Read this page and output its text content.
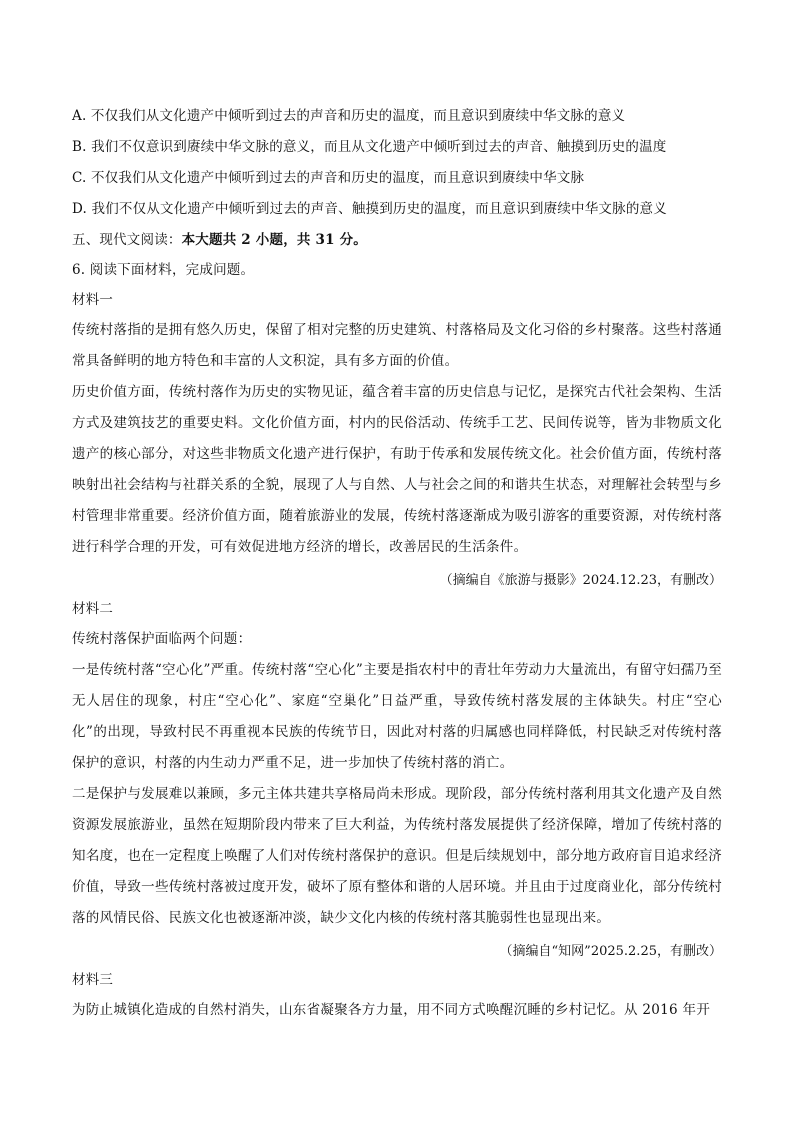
A. 不仅我们从文化遗产中倾听到过去的声音和历史的温度，而且意识到赓续中华文脉的意义
B. 我们不仅意识到赓续中华文脉的意义，而且从文化遗产中倾听到过去的声音、触摸到历史的温度
C. 不仅我们从文化遗产中倾听到过去的声音和历史的温度，而且意识到赓续中华文脉
D. 我们不仅从文化遗产中倾听到过去的声音、触摸到历史的温度，而且意识到赓续中华文脉的意义
五、现代文阅读： 本大题共 2 小题，共 31 分。
6. 阅读下面材料，完成问题。
材料一

传统村落指的是拥有悠久历史，保留了相对完整的历史建筑、村落格局及文化习俗的乡村聚落。这些村落通常具备鲜明的地方特色和丰富的人文积淀，具有多方面的价值。

历史价值方面，传统村落作为历史的实物见证，蕴含着丰富的历史信息与记忆，是探究古代社会架构、生活方式及建筑技艺的重要史料。文化价值方面，村内的民俗活动、传统手工艺、民间传说等，皆为非物质文化遗产的核心部分，对这些非物质文化遗产进行保护，有助于传承和发展传统文化。社会价值方面，传统村落映射出社会结构与社群关系的全貌，展现了人与自然、人与社会之间的和谐共生状态，对理解社会转型与乡村管理非常重要。经济价值方面，随着旅游业的发展，传统村落逐渐成为吸引游客的重要资源，对传统村落进行科学合理的开发，可有效促进地方经济的增长，改善居民的生活条件。

（摘编自《旅游与摄影》2024.12.23，有删改）
材料二

传统村落保护面临两个问题：

一是传统村落“空心化”严重。传统村落“空心化”主要是指农村中的青壮年劳动力大量流出，有留守妇孺乃至无人居住的现象，村庄“空心化”、家庭“空巢化”日益严重，导致传统村落发展的主体缺失。村庄“空心化”的出现，导致村民不再重视本民族的传统节日，因此对村落的归属感也同样降低，村民缺乏对传统村落保护的意识，村落的内生动力严重不足，进一步加快了传统村落的消亡。

二是保护与发展难以兼顾，多元主体共建共享格局尚未形成。现阶段，部分传统村落利用其文化遗产及自然资源发展旅游业，虽然在短期阶段内带来了巨大利益，为传统村落发展提供了经济保障，增加了传统村落的知名度，也在一定程度上唤醒了人们对传统村落保护的意识。但是后续规划中，部分地方政府盲目追求经济价值，导致一些传统村落被过度开发，破坏了原有整体和谐的人居环境。并且由于过度商业化，部分传统村落的风情民俗、民族文化也被逐渐冲淡，缺少文化内核的传统村落其脆弱性也显现出来。

（摘编自“知网”2025.2.25，有删改）
材料三

为防止城镇化造成的自然村消失，山东省凝聚各方力量，用不同方式唤醒沉睡的乡村记忆。从 2016 年开
